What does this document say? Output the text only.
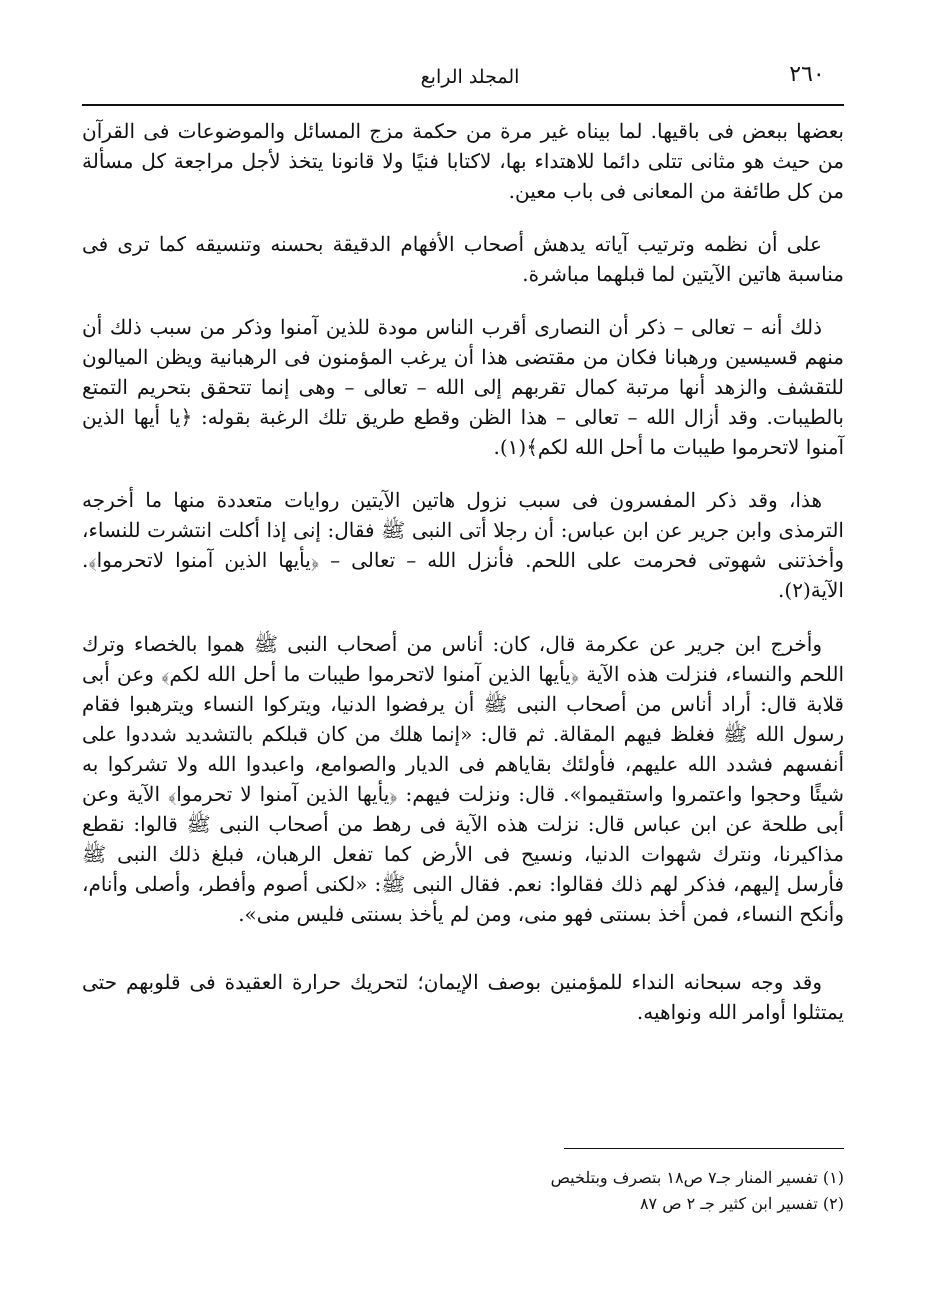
٢٦٠
المجلد الرابع

بعضها ببعض فى باقيها. لما بيناه غير مرة من حكمة مزج المسائل والموضوعات فى القرآن من حيث هو مثانى تتلى دائما للاهتداء بها، لاكتابا فنيًا ولا قانونا يتخذ لأجل مراجعة كل مسألة من كل طائفة من المعانى فى باب معين.

على أن نظمه وترتيب آياته يدهش أصحاب الأفهام الدقيقة بحسنه وتنسيقه كما ترى فى مناسبة هاتين الآيتين لما قبلهما مباشرة.

ذلك أنه – تعالى – ذكر أن النصارى أقرب الناس مودة للذين آمنوا وذكر من سبب ذلك أن منهم قسيسين ورهبانا فكان من مقتضى هذا أن يرغب المؤمنون فى الرهبانية ويظن الميالون للتقشف والزهد أنها مرتبة كمال تقربهم إلى الله – تعالى – وهى إنما تتحقق بتحريم التمتع بالطيبات. وقد أزال الله – تعالى – هذا الظن وقطع طريق تلك الرغبة بقوله: ﴿يا أيها الذين آمنوا لاتحرموا طيبات ما أحل الله لكم﴾(١).

هذا، وقد ذكر المفسرون فى سبب نزول هاتين الآيتين روايات متعددة منها ما أخرجه الترمذى وابن جرير عن ابن عباس: أن رجلا أتى النبى ﷺ فقال: إنى إذا أكلت انتشرت للنساء، وأخذتنى شهوتى فحرمت على اللحم. فأنزل الله – تعالى – ﴿يأيها الذين آمنوا لاتحرموا﴾. الآية(٢).

وأخرج ابن جرير عن عكرمة قال، كان: أناس من أصحاب النبى ﷺ هموا بالخصاء وترك اللحم والنساء، فنزلت هذه الآية ﴿يأيها الذين آمنوا لاتحرموا طيبات ما أحل الله لكم﴾ وعن أبى قلابة قال: أراد أناس من أصحاب النبى ﷺ أن يرفضوا الدنيا، ويتركوا النساء ويترهبوا فقام رسول الله ﷺ فغلظ فيهم المقالة. ثم قال: «إنما هلك من كان قبلكم بالتشديد شددوا على أنفسهم فشدد الله عليهم، فأولئك بقاياهم فى الديار والصوامع، واعبدوا الله ولا تشركوا به شيئًا وحجوا واعتمروا واستقيموا». قال: ونزلت فيهم: ﴿يأيها الذين آمنوا لا تحرموا﴾ الآية وعن أبى طلحة عن ابن عباس قال: نزلت هذه الآية فى رهط من أصحاب النبى ﷺ قالوا: نقطع مذاكيرنا، ونترك شهوات الدنيا، ونسيح فى الأرض كما تفعل الرهبان، فبلغ ذلك النبى ﷺ فأرسل إليهم، فذكر لهم ذلك فقالوا: نعم. فقال النبى ﷺ: «لكنى أصوم وأفطر، وأصلى وأنام، وأنكح النساء، فمن أخذ بسنتى فهو منى، ومن لم يأخذ بسنتى فليس منى».

وقد وجه سبحانه النداء للمؤمنين بوصف الإيمان؛ لتحريك حرارة العقيدة فى قلوبهم حتى يمتثلوا أوامر الله ونواهيه.

(١) تفسير المنار جـ٧ ص١٨ بتصرف وبتلخيص
(٢) تفسير ابن كثير جـ ٢ ص ٨٧
